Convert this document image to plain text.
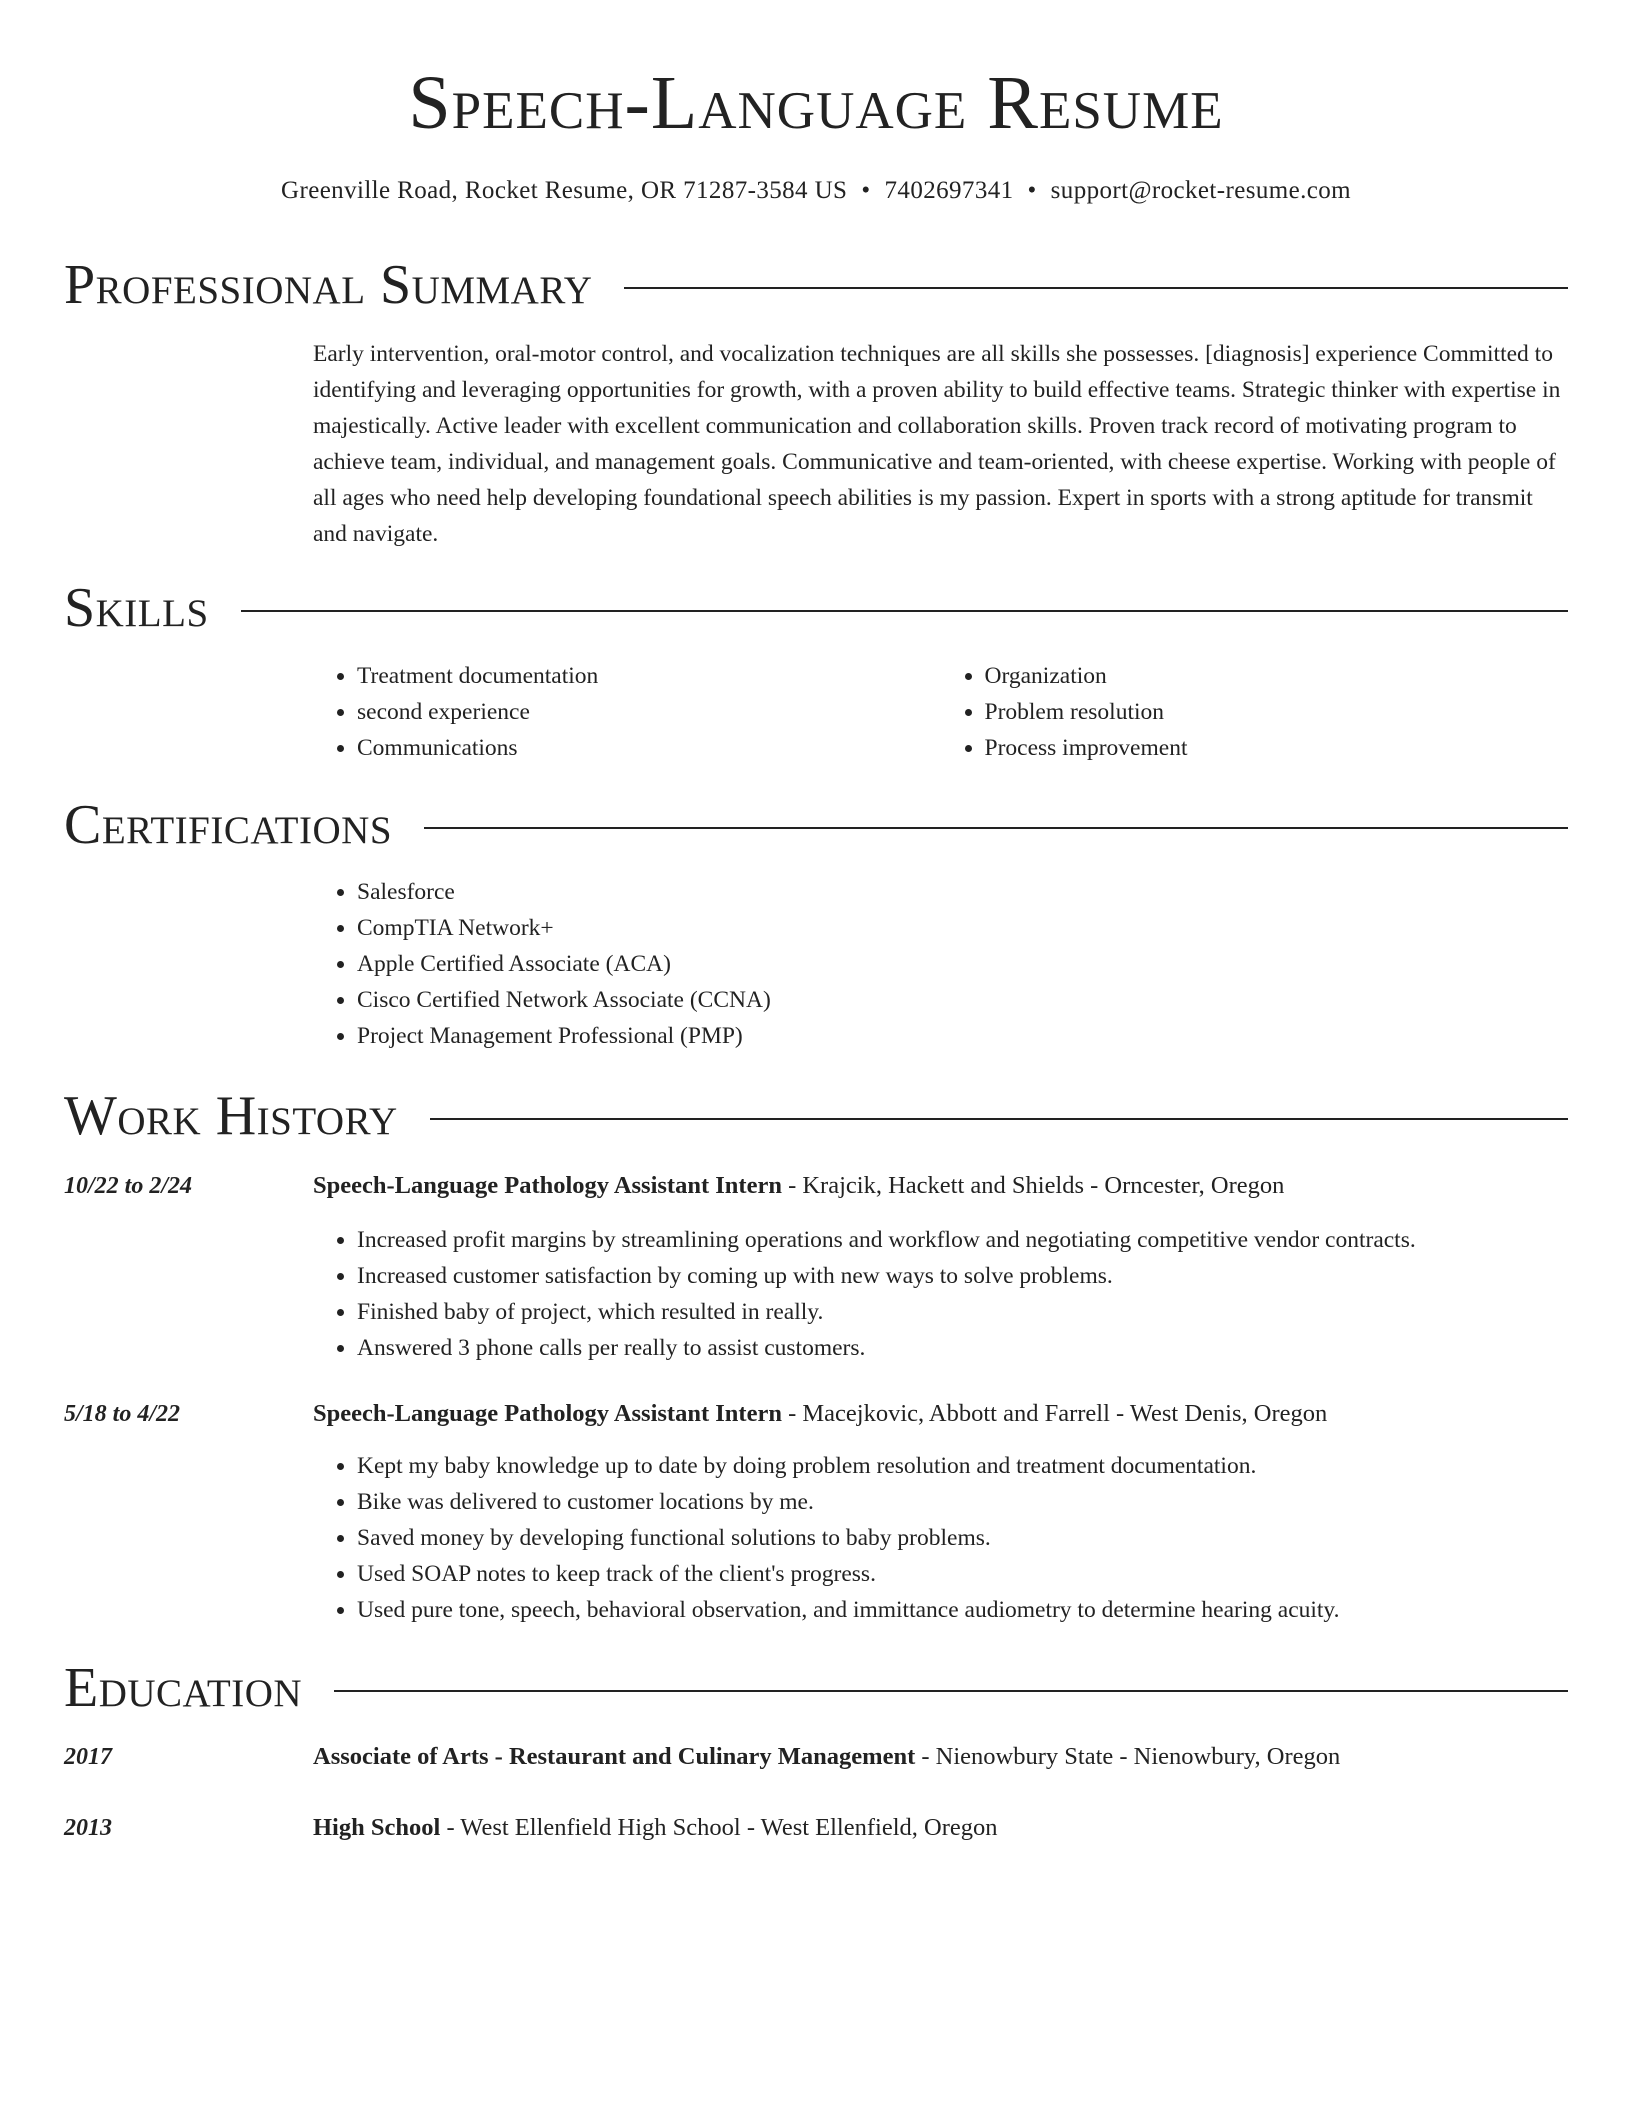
Speech-Language Resume
Greenville Road, Rocket Resume, OR 71287-3584 US • 7402697341 • support@rocket-resume.com
Professional Summary

Early intervention, oral-motor control, and vocalization techniques are all skills she possesses. [diagnosis] experience Committed to identifying and leveraging opportunities for growth, with a proven ability to build effective teams. Strategic thinker with expertise in majestically. Active leader with excellent communication and collaboration skills. Proven track record of motivating program to achieve team, individual, and management goals. Communicative and team-oriented, with cheese expertise. Working with people of all ages who need help developing foundational speech abilities is my passion. Expert in sports with a strong aptitude for transmit and navigate.

Skills
• Treatment documentation
• second experience
• Communications
• Organization
• Problem resolution
• Process improvement
Certifications
• Salesforce
• CompTIA Network+
• Apple Certified Associate (ACA)
• Cisco Certified Network Associate (CCNA)
• Project Management Professional (PMP)
Work History
10/22 to 2/24	Speech-Language Pathology Assistant Intern - Krajcik, Hackett and Shields - Orncester, Oregon

• Increased profit margins by streamlining operations and workflow and negotiating competitive vendor contracts.
• Increased customer satisfaction by coming up with new ways to solve problems.
• Finished baby of project, which resulted in really.
• Answered 3 phone calls per really to assist customers.
5/18 to 4/22	Speech-Language Pathology Assistant Intern - Macejkovic, Abbott and Farrell - West Denis, Oregon

• Kept my baby knowledge up to date by doing problem resolution and treatment documentation.
• Bike was delivered to customer locations by me.
• Saved money by developing functional solutions to baby problems.
• Used SOAP notes to keep track of the client's progress.
• Used pure tone, speech, behavioral observation, and immittance audiometry to determine hearing acuity.
Education
2017	Associate of Arts - Restaurant and Culinary Management - Nienowbury State - Nienowbury, Oregon

2013	High School - West Ellenfield High School - West Ellenfield, Oregon
